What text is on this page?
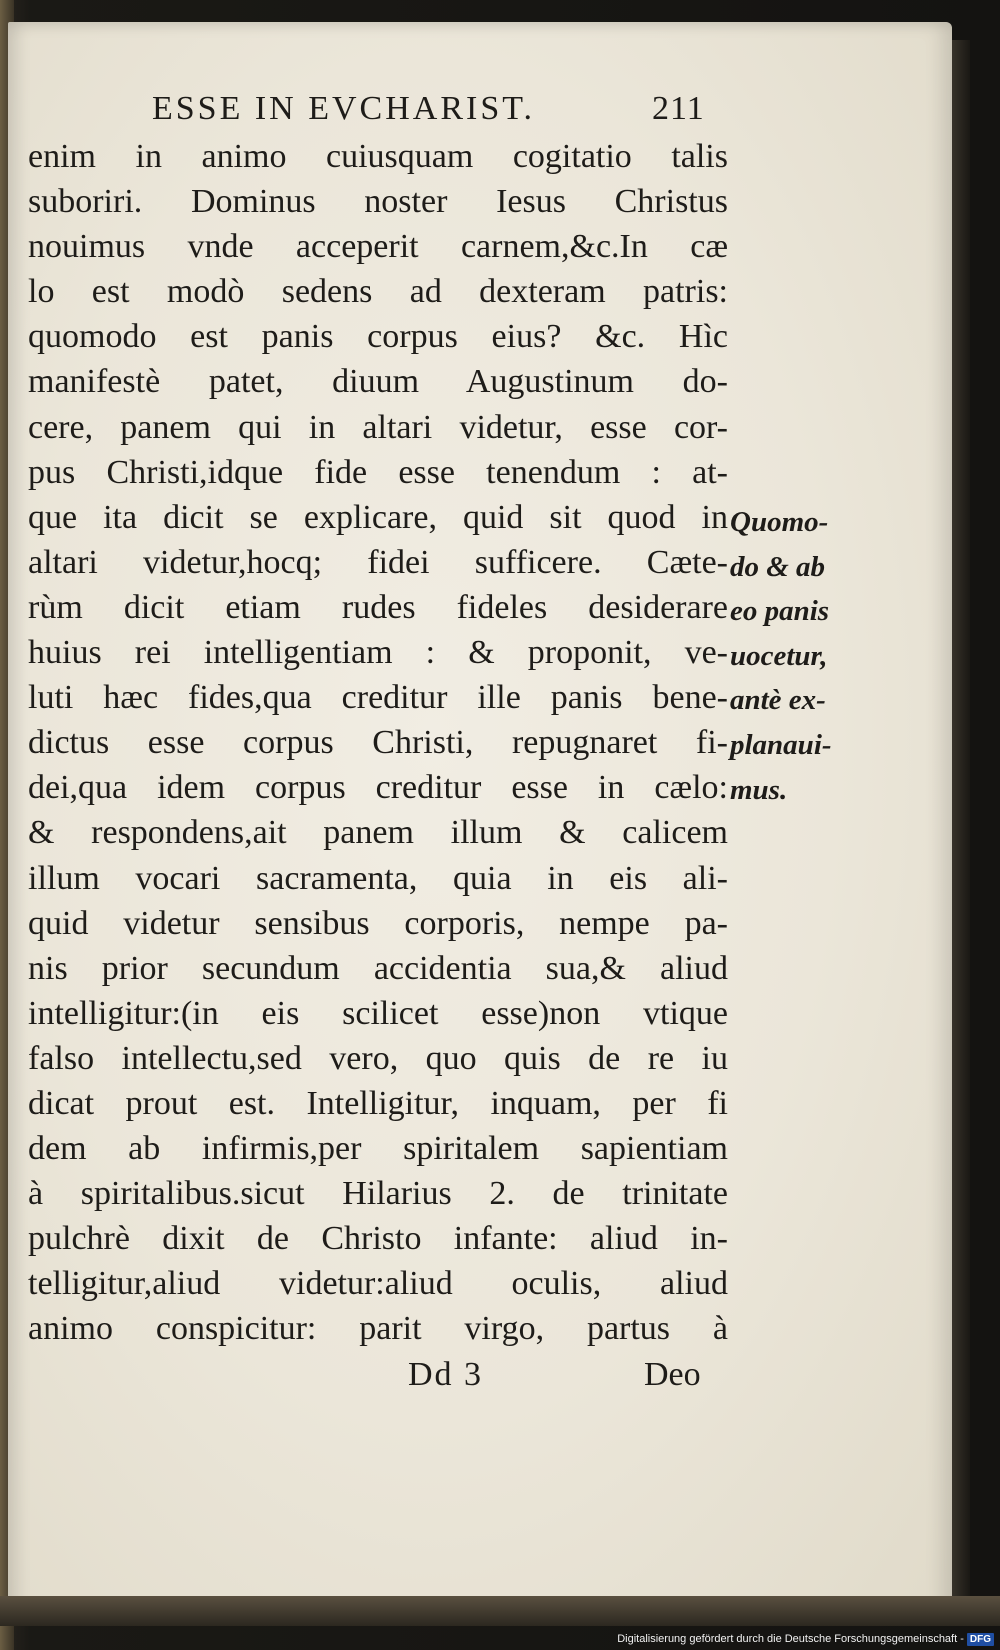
ESSE IN EVCHARIST.	211
enim in animo cuiusquam cogitatio talis
suboriri. Dominus noster Iesus Christus
nouimus vnde acceperit carnem,&c.In cæ
lo est modò sedens ad dexteram patris:
quomodo est panis corpus eius? &c. Hìc
manifestè patet, diuum Augustinum do-
cere, panem qui in altari videtur, esse cor-
pus Christi,idque fide esse tenendum : at-
que ita dicit se explicare, quid sit quod in
altari videtur,hocq; fidei sufficere. Cæte-
rùm dicit etiam rudes fideles desiderare
huius rei intelligentiam : & proponit, ve-
luti hæc fides,qua creditur ille panis bene-
dictus esse corpus Christi, repugnaret fi-
dei,qua idem corpus creditur esse in cælo:
& respondens,ait panem illum & calicem
illum vocari sacramenta, quia in eis ali-
quid videtur sensibus corporis, nempe pa-
nis prior secundum accidentia sua,& aliud
intelligitur:(in eis scilicet esse)non vtique
falso intellectu,sed vero, quo quis de re iu
dicat prout est. Intelligitur, inquam, per fi
dem ab infirmis,per spiritalem sapientiam
à spiritalibus.sicut Hilarius 2. de trinitate
pulchrè dixit de Christo infante: aliud in-
telligitur,aliud videtur:aliud oculis, aliud
animo conspicitur: parit virgo, partus à
Quomo-
do & ab
eo panis
uocetur,
antè ex-
planaui-
mus.
Dd 3	Deo
Digitalisierung gefördert durch die Deutsche Forschungsgemeinschaft - DFG
